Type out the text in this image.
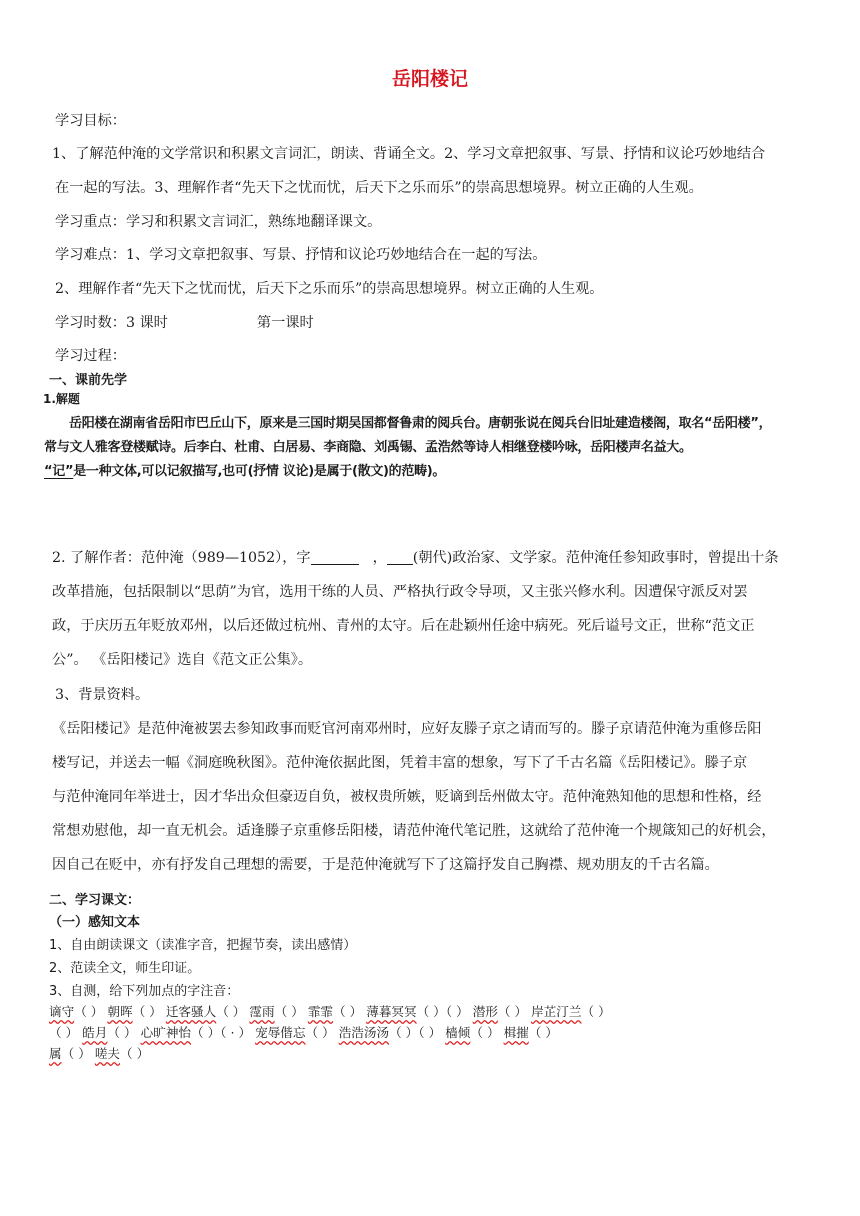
岳阳楼记
学习目标：
1、了解范仲淹的文学常识和积累文言词汇，朗读、背诵全文。2、学习文章把叙事、写景、抒情和议论巧妙地结合
在一起的写法。3、理解作者“先天下之忧而忧，后天下之乐而乐”的崇高思想境界。树立正确的人生观。
学习重点：学习和积累文言词汇，熟练地翻译课文。
学习难点：1、学习文章把叙事、写景、抒情和议论巧妙地结合在一起的写法。
2、理解作者“先天下之忧而忧，后天下之乐而乐”的崇高思想境界。树立正确的人生观。
学习时数：3 课时	第一课时
学习过程：
一、课前先学
1.解题
岳阳楼在湖南省岳阳市巴丘山下，原来是三国时期吴国都督鲁肃的阅兵台。唐朝张说在阅兵台旧址建造楼阁，取名“岳阳楼”，
常与文人雅客登楼赋诗。后李白、杜甫、白居易、李商隐、刘禹锡、孟浩然等诗人相继登楼吟咏，岳阳楼声名益大。
“记”是一种文体,可以记叙描写,也可(抒情 议论)是属于(散文)的范畴)。
2. 了解作者：范仲淹（989—1052），字	， (朝代)政治家、文学家。范仲淹任参知政事时，曾提出十条
改革措施，包括限制以“思荫”为官，选用干练的人员、严格执行政令导项，又主张兴修水利。因遭保守派反对罢
政，于庆历五年贬放邓州，以后还做过杭州、青州的太守。后在赴颖州任途中病死。死后谥号文正，世称“范文正
公”。 《岳阳楼记》选自《范文正公集》。
3、背景资料。
《岳阳楼记》是范仲淹被罢去参知政事而贬官河南邓州时，应好友滕子京之请而写的。滕子京请范仲淹为重修岳阳
楼写记，并送去一幅《洞庭晚秋图》。范仲淹依据此图，凭着丰富的想象，写下了千古名篇《岳阳楼记》。滕子京
与范仲淹同年举进士，因才华出众但豪迈自负，被权贵所嫉，贬谪到岳州做太守。范仲淹熟知他的思想和性格，经
常想劝慰他，却一直无机会。适逢滕子京重修岳阳楼，请范仲淹代笔记胜，这就给了范仲淹一个规箴知己的好机会，
因自己在贬中，亦有抒发自己理想的需要，于是范仲淹就写下了这篇抒发自己胸襟、规劝朋友的千古名篇。
二、学习课文：
（一）感知文本
1、自由朗读课文（读准字音，把握节奏，读出感情）
2、范读全文，师生印证。
3、自测，给下列加点的字注音：
谪守（ ） 朝晖（ ） 迁客骚人（ ） 霪雨（ ） 霏霏（ ） 薄暮冥冥（ ）（ ） 潜形（ ） 岸芷汀兰（ ）
（ ） 皓月（ ） 心旷神怡（ ）（ · ） 宠辱偕忘（ ） 浩浩汤汤（ ）（ ） 樯倾（ ） 楫摧（ ）
属（ ） 嗟夫（ ）
